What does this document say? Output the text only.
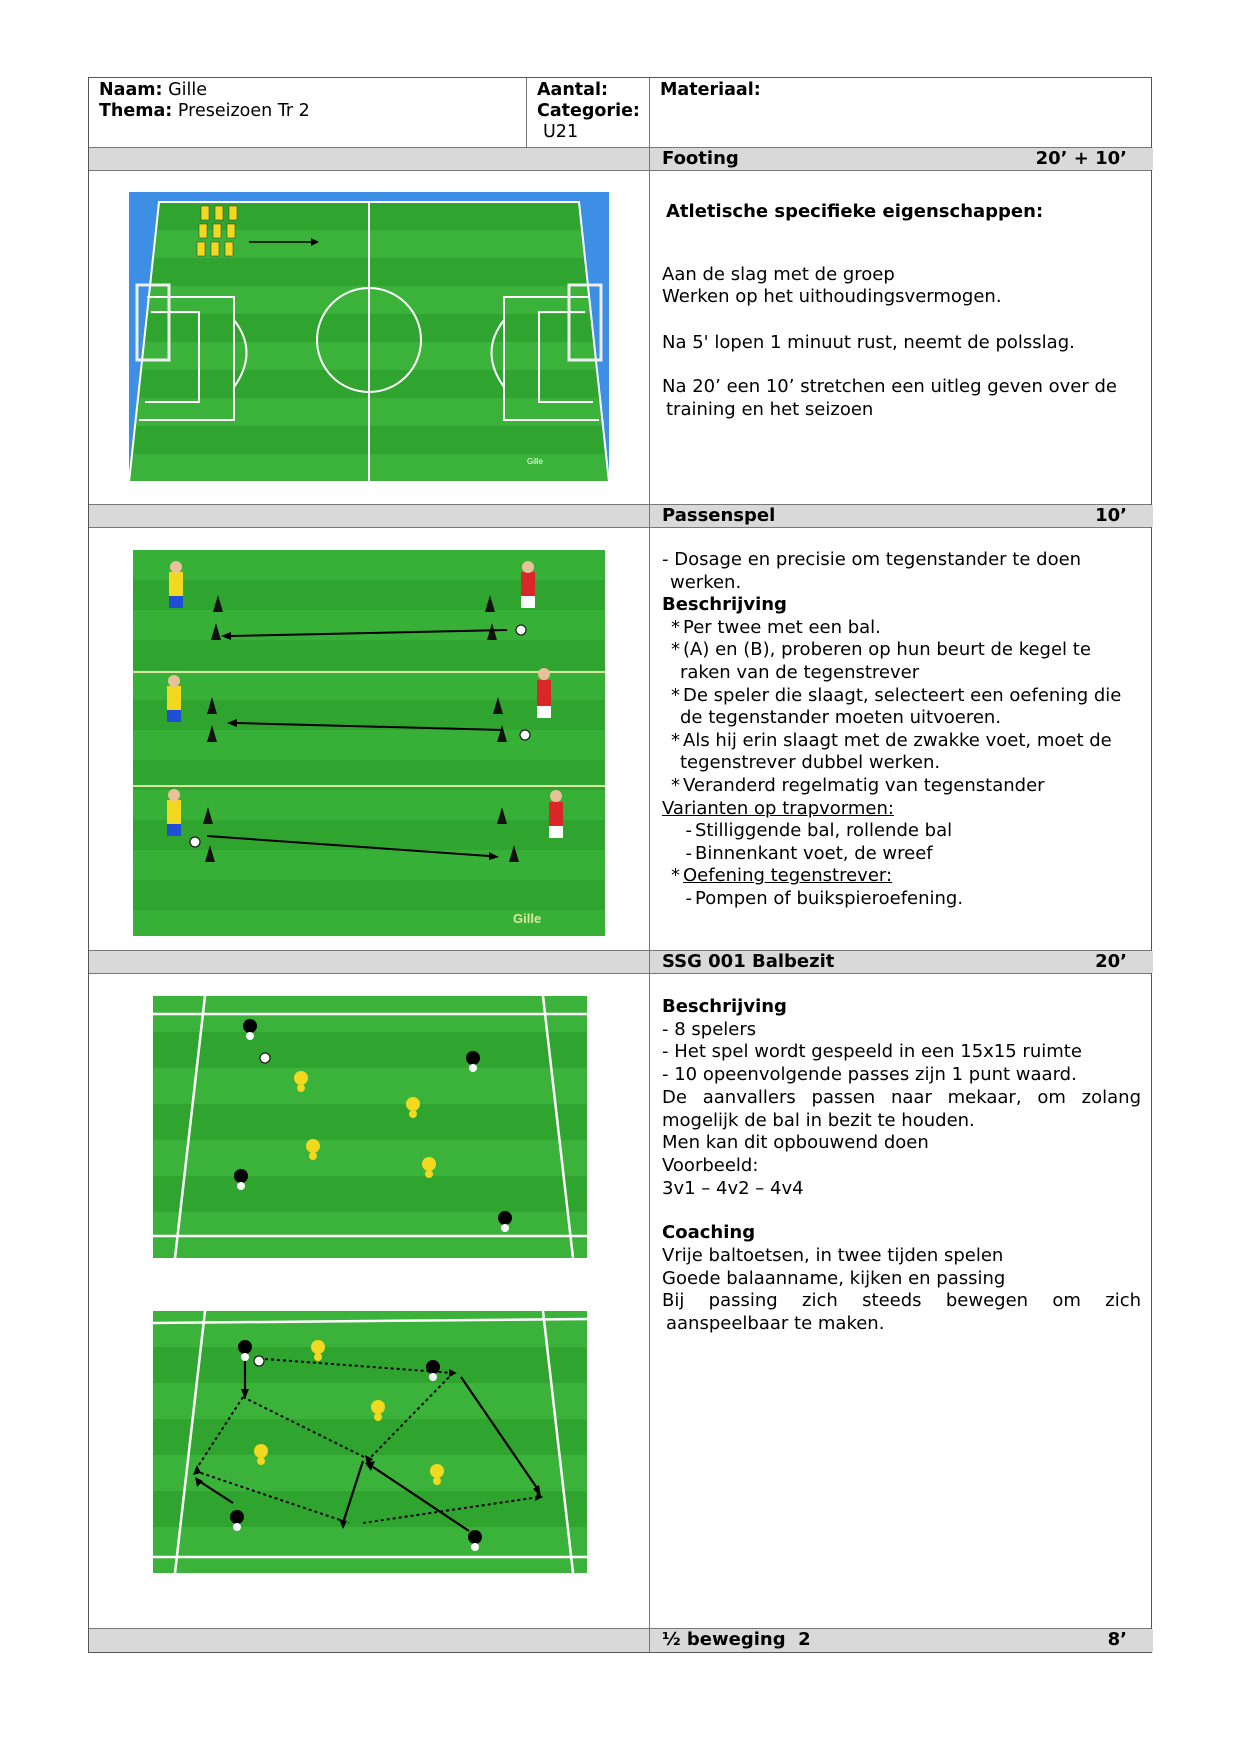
Naam: Gille
Thema: Preseizoen Tr 2
Aantal:
Categorie:
U21
Materiaal:
Footing	20’ + 10’
Gille

Atletische specifieke eigenschappen:

Aan de slag met de groep

Werken op het uithoudingsvermogen.

Na 5' lopen 1 minuut rust, neemt de polsslag.

Na 20’ een 10’ stretchen een uitleg geven over de

training en het seizoen

Passenspel	10’
Gille

- Dosage en precisie om tegenstander te doen

werken.

Beschrijving

* Per twee met een bal.
* (A) en (B), proberen op hun beurt de kegel te
raken van de tegenstrever
* De speler die slaagt, selecteert een oefening die
de tegenstander moeten uitvoeren.
* Als hij erin slaagt met de zwakke voet, moet de
tegenstrever dubbel werken.
* Veranderd regelmatig van tegenstander

Varianten op trapvormen:

- Stilliggende bal, rollende bal
- Binnenkant voet, de wreef
* Oefening tegenstrever:
- Pompen of buikspieroefening.
SSG 001 Balbezit	20’

Beschrijving

- 8 spelers

- Het spel wordt gespeeld in een 15x15 ruimte

- 10 opeenvolgende passes zijn 1 punt waard.

De aanvallers passen naar mekaar, om zolang

mogelijk de bal in bezit te houden.

Men kan dit opbouwend doen

Voorbeeld:

3v1 – 4v2 – 4v4

Coaching

Vrije baltoetsen, in twee tijden spelen

Goede balaanname, kijken en passing

Bij passing zich steeds bewegen om zich

aanspeelbaar te maken.

½ beweging  2	8’
